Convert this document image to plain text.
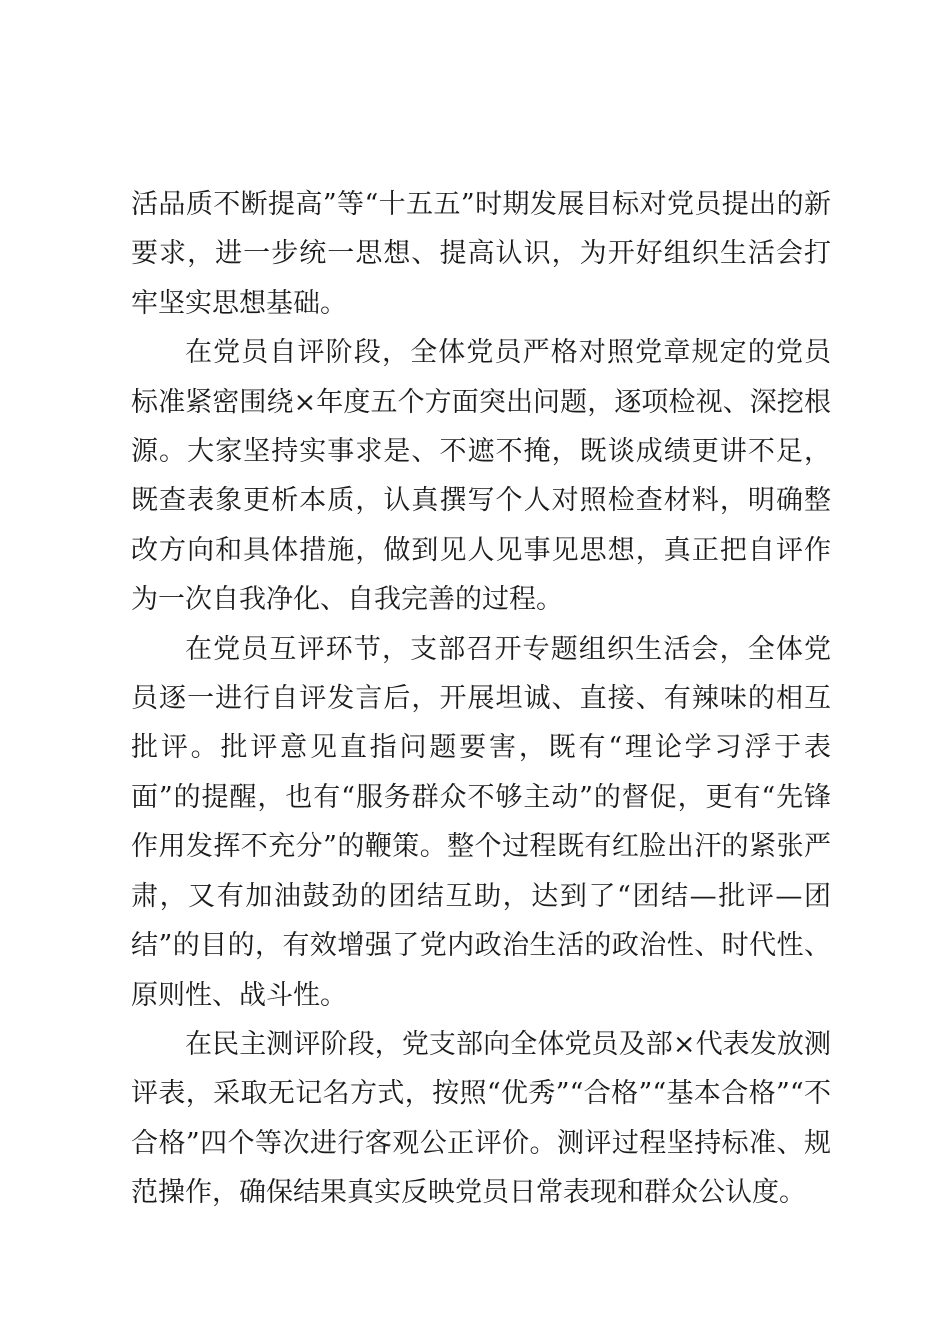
活品质不断提高”等“十五五”时期发展目标对党员提出的新要求，进一步统一思想、提高认识，为开好组织生活会打牢坚实思想基础。

在党员自评阶段，全体党员严格对照党章规定的党员标准紧密围绕×年度五个方面突出问题，逐项检视、深挖根源。大家坚持实事求是、不遮不掩，既谈成绩更讲不足，既查表象更析本质，认真撰写个人对照检查材料，明确整改方向和具体措施，做到见人见事见思想，真正把自评作为一次自我净化、自我完善的过程。

在党员互评环节，支部召开专题组织生活会，全体党员逐一进行自评发言后，开展坦诚、直接、有辣味的相互批评。批评意见直指问题要害，既有“理论学习浮于表面”的提醒，也有“服务群众不够主动”的督促，更有“先锋作用发挥不充分”的鞭策。整个过程既有红脸出汗的紧张严肃，又有加油鼓劲的团结互助，达到了“团结—批评—团结”的目的，有效增强了党内政治生活的政治性、时代性、原则性、战斗性。

在民主测评阶段，党支部向全体党员及部×代表发放测评表，采取无记名方式，按照“优秀”“合格”“基本合格”“不合格”四个等次进行客观公正评价。测评过程坚持标准、规范操作，确保结果真实反映党员日常表现和群众公认度。
